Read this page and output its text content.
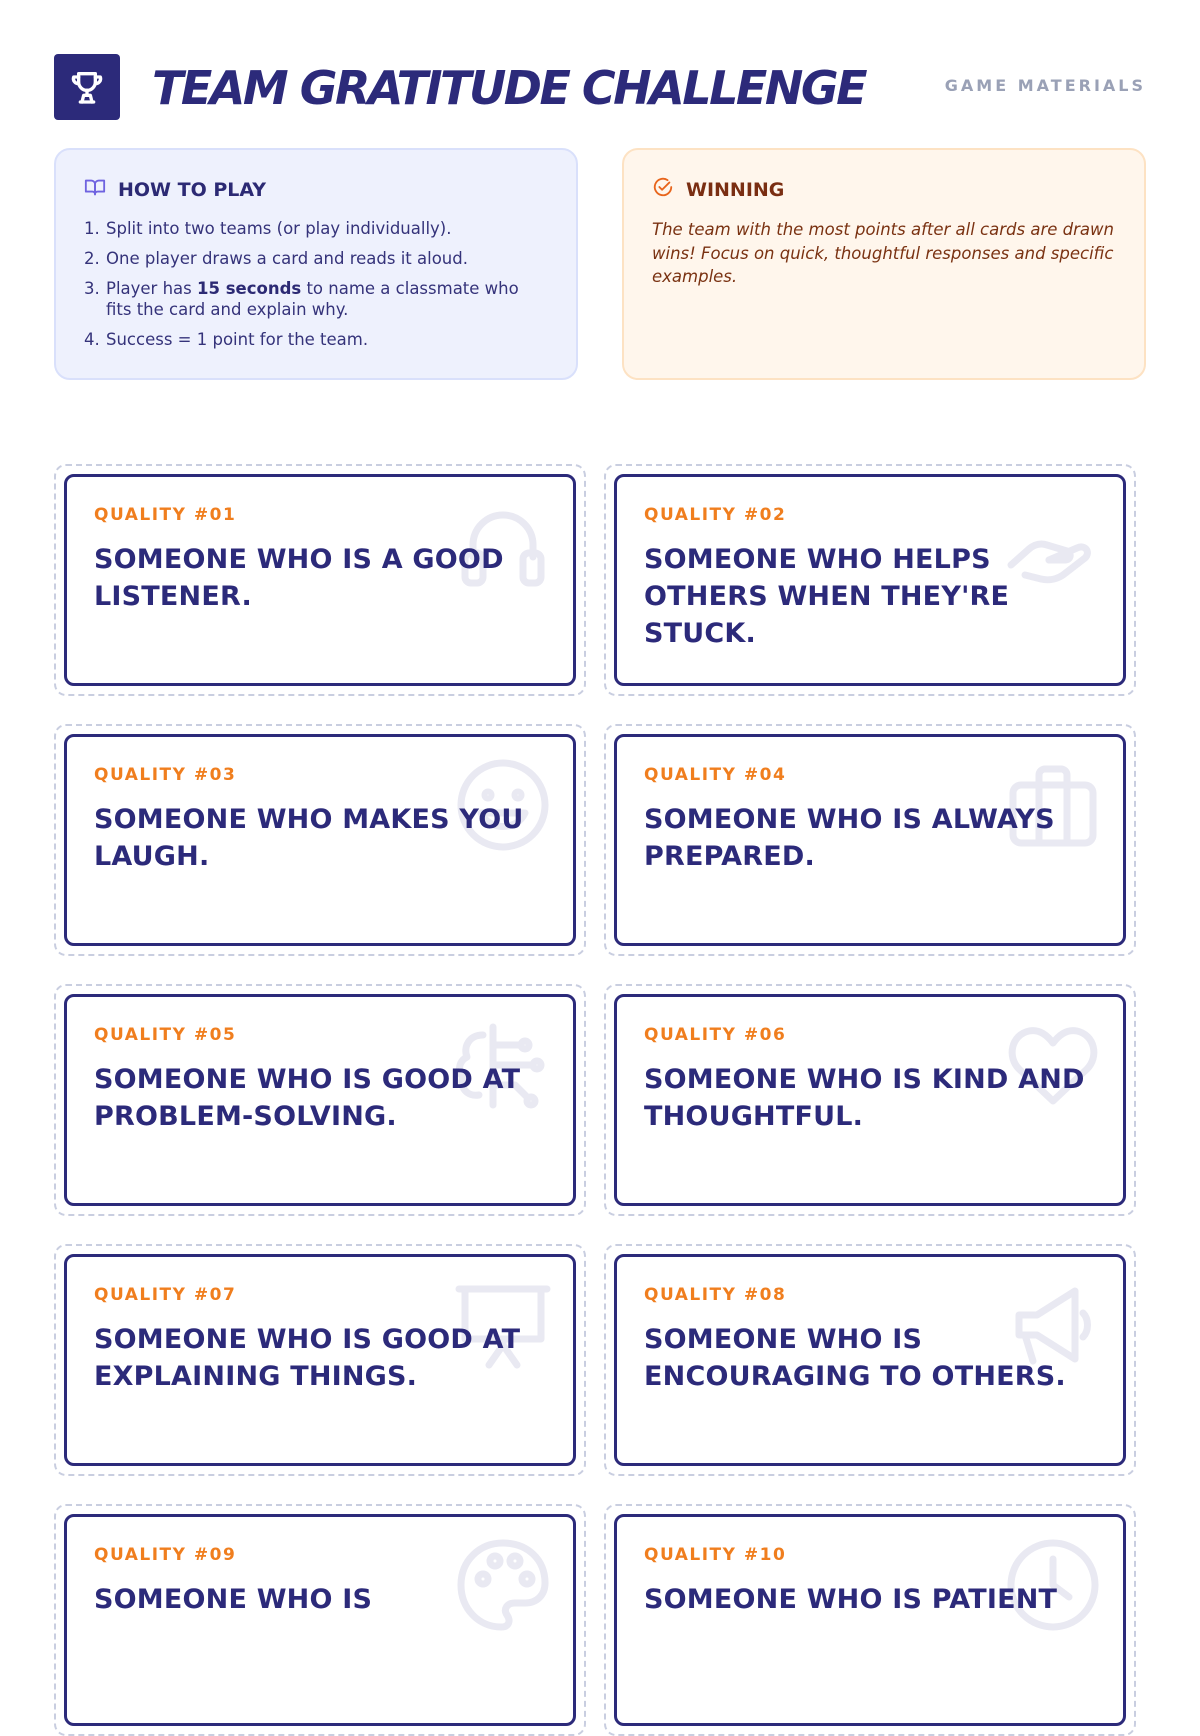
TEAM GRATITUDE CHALLENGE	GAME MATERIALS
HOW TO PLAY
1. Split into two teams (or play individually).
2. One player draws a card and reads it aloud.
3. Player has 15 seconds to name a classmate who fits the card and explain why.
4. Success = 1 point for the team.
WINNING

The team with the most points after all cards are drawn wins! Focus on quick, thoughtful responses and specific examples.

QUALITY #01
SOMEONE WHO IS A GOOD LISTENER.
QUALITY #02
SOMEONE WHO HELPS OTHERS WHEN THEY'RE STUCK.
QUALITY #03
SOMEONE WHO MAKES YOU LAUGH.
QUALITY #04
SOMEONE WHO IS ALWAYS PREPARED.
QUALITY #05
SOMEONE WHO IS GOOD AT PROBLEM-SOLVING.
QUALITY #06
SOMEONE WHO IS KIND AND THOUGHTFUL.
QUALITY #07
SOMEONE WHO IS GOOD AT EXPLAINING THINGS.
QUALITY #08
SOMEONE WHO IS ENCOURAGING TO OTHERS.
QUALITY #09
SOMEONE WHO IS
QUALITY #10
SOMEONE WHO IS PATIENT
